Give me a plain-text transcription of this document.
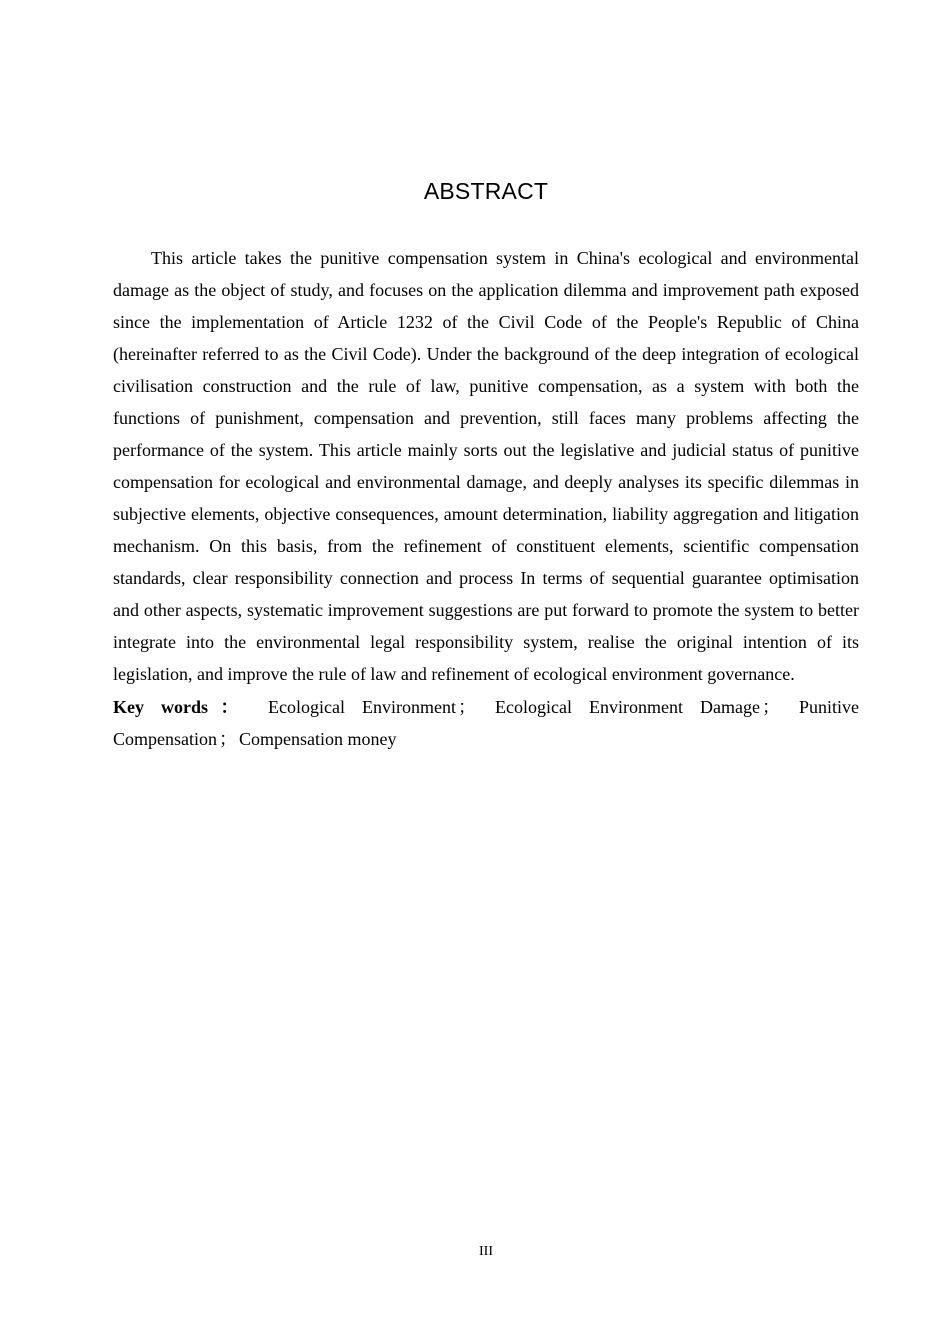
ABSTRACT

This article takes the punitive compensation system in China's ecological and environmental damage as the object of study, and focuses on the application dilemma and improvement path exposed since the implementation of Article 1232 of the Civil Code of the People's Republic of China (hereinafter referred to as the Civil Code). Under the background of the deep integration of ecological civilisation construction and the rule of law, punitive compensation, as a system with both the functions of punishment, compensation and prevention, still faces many problems affecting the performance of the system. This article mainly sorts out the legislative and judicial status of punitive compensation for ecological and environmental damage, and deeply analyses its specific dilemmas in subjective elements, objective consequences, amount determination, liability aggregation and litigation mechanism. On this basis, from the refinement of constituent elements, scientific compensation standards, clear responsibility connection and process In terms of sequential guarantee optimisation and other aspects, systematic improvement suggestions are put forward to promote the system to better integrate into the environmental legal responsibility system, realise the original intention of its legislation, and improve the rule of law and refinement of ecological environment governance.

Key words： Ecological Environment ； Ecological Environment Damage ； Punitive Compensation ； Compensation money

III
